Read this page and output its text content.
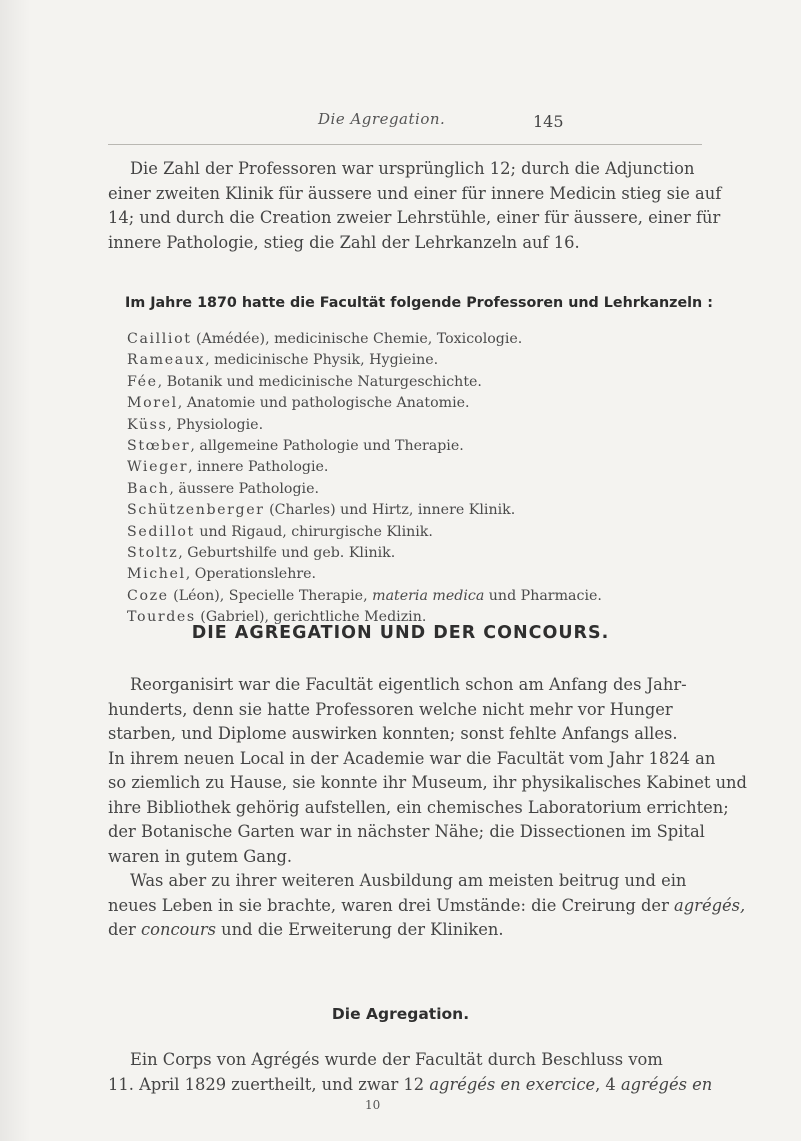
Die Agregation.	145
Die Zahl der Professoren war ursprünglich 12; durch die Adjunction
einer zweiten Klinik für äussere und einer für innere Medicin stieg sie auf
14; und durch die Creation zweier Lehrstühle, einer für äussere, einer für
innere Pathologie, stieg die Zahl der Lehrkanzeln auf 16.
Im Jahre 1870 hatte die Facultät folgende Professoren und Lehrkanzeln :
Cailliot (Amédée), medicinische Chemie, Toxicologie.
Rameaux, medicinische Physik, Hygieine.
Fée, Botanik und medicinische Naturgeschichte.
Morel, Anatomie und pathologische Anatomie.
Küss, Physiologie.
Stœber, allgemeine Pathologie und Therapie.
Wieger, innere Pathologie.
Bach, äussere Pathologie.
Schützenberger (Charles) und Hirtz, innere Klinik.
Sedillot und Rigaud, chirurgische Klinik.
Stoltz, Geburtshilfe und geb. Klinik.
Michel, Operationslehre.
Coze (Léon), Specielle Therapie, materia medica und Pharmacie.
Tourdes (Gabriel), gerichtliche Medizin.
DIE AGREGATION UND DER CONCOURS.
Reorganisirt war die Facultät eigentlich schon am Anfang des Jahr-
hunderts, denn sie hatte Professoren welche nicht mehr vor Hunger
starben, und Diplome auswirken konnten; sonst fehlte Anfangs alles.
In ihrem neuen Local in der Academie war die Facultät vom Jahr 1824 an
so ziemlich zu Hause, sie konnte ihr Museum, ihr physikalisches Kabinet und
ihre Bibliothek gehörig aufstellen, ein chemisches Laboratorium errichten;
der Botanische Garten war in nächster Nähe; die Dissectionen im Spital
waren in gutem Gang.
Was aber zu ihrer weiteren Ausbildung am meisten beitrug und ein
neues Leben in sie brachte, waren drei Umstände: die Creirung der agrégés,
der concours und die Erweiterung der Kliniken.
Die Agregation.
Ein Corps von Agrégés wurde der Facultät durch Beschluss vom
11. April 1829 zuertheilt, und zwar 12 agrégés en exercice, 4 agrégés en
10
